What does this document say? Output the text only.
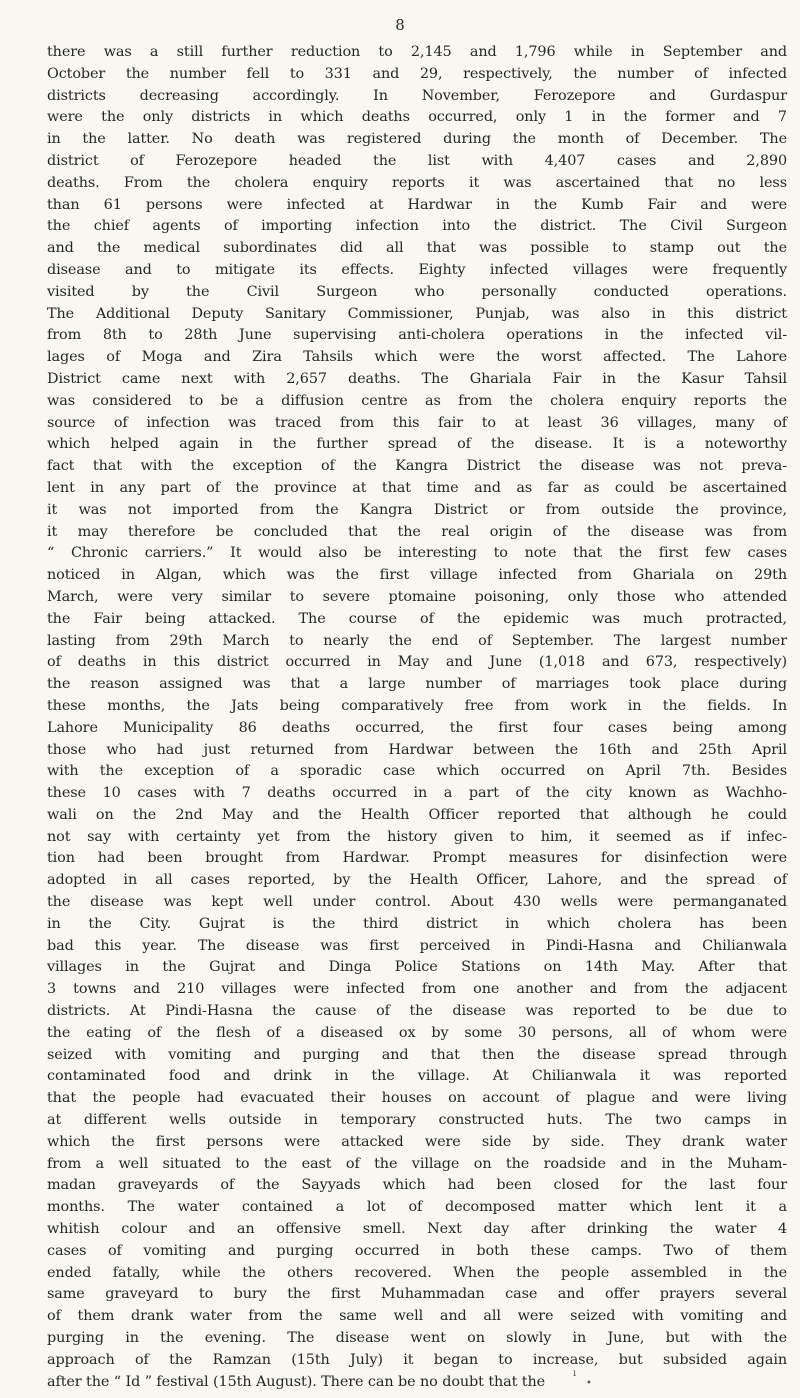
8
there was a still further reduction to 2,145 and 1,796 while in September and
October the number fell to 331 and 29, respectively, the number of infected
districts decreasing accordingly. In November, Ferozepore and Gurdaspur
were the only districts in which deaths occurred, only 1 in the former and 7
in the latter. No death was registered during the month of December. The
district of Ferozepore headed the list with 4,407 cases and 2,890
deaths. From the cholera enquiry reports it was ascertained that no less
than 61 persons were infected at Hardwar in the Kumb Fair and were
the chief agents of importing infection into the district. The Civil Surgeon
and the medical subordinates did all that was possible to stamp out the
disease and to mitigate its effects. Eighty infected villages were frequently
visited by the Civil Surgeon who personally conducted operations.
The Additional Deputy Sanitary Commissioner, Punjab, was also in this district
from 8th to 28th June supervising anti-cholera operations in the infected vil-
lages of Moga and Zira Tahsils which were the worst affected. The Lahore
District came next with 2,657 deaths. The Ghariala Fair in the Kasur Tahsil
was considered to be a diffusion centre as from the cholera enquiry reports the
source of infection was traced from this fair to at least 36 villages, many of
which helped again in the further spread of the disease. It is a noteworthy
fact that with the exception of the Kangra District the disease was not preva-
lent in any part of the province at that time and as far as could be ascertained
it was not imported from the Kangra District or from outside the province,
it may therefore be concluded that the real origin of the disease was from
“ Chronic carriers.” It would also be interesting to note that the first few cases
noticed in Algan, which was the first village infected from Ghariala on 29th
March, were very similar to severe ptomaine poisoning, only those who attended
the Fair being attacked. The course of the epidemic was much protracted,
lasting from 29th March to nearly the end of September. The largest number
of deaths in this district occurred in May and June (1,018 and 673, respectively)
the reason assigned was that a large number of marriages took place during
these months, the Jats being comparatively free from work in the fields. In
Lahore Municipality 86 deaths occurred, the first four cases being among
those who had just returned from Hardwar between the 16th and 25th April
with the exception of a sporadic case which occurred on April 7th. Besides
these 10 cases with 7 deaths occurred in a part of the city known as Wachho-
wali on the 2nd May and the Health Officer reported that although he could
not say with certainty yet from the history given to him, it seemed as if infec-
tion had been brought from Hardwar. Prompt measures for disinfection were
adopted in all cases reported, by the Health Officer, Lahore, and the spread of
the disease was kept well under control. About 430 wells were permanganated
in the City. Gujrat is the third district in which cholera has been
bad this year. The disease was first perceived in Pindi-Hasna and Chilianwala
villages in the Gujrat and Dinga Police Stations on 14th May. After that
3 towns and 210 villages were infected from one another and from the adjacent
districts. At Pindi-Hasna the cause of the disease was reported to be due to
the eating of the flesh of a diseased ox by some 30 persons, all of whom were
seized with vomiting and purging and that then the disease spread through
contaminated food and drink in the village. At Chilianwala it was reported
that the people had evacuated their houses on account of plague and were living
at different wells outside in temporary constructed huts. The two camps in
which the first persons were attacked were side by side. They drank water
from a well situated to the east of the village on the roadside and in the Muham-
madan graveyards of the Sayyads which had been closed for the last four
months. The water contained a lot of decomposed matter which lent it a
whitish colour and an offensive smell. Next day after drinking the water 4
cases of vomiting and purging occurred in both these camps. Two of them
ended fatally, while the others recovered. When the people assembled in the
same graveyard to bury the first Muhammadan case and offer prayers several
of them drank water from the same well and all were seized with vomiting and
purging in the evening. The disease went on slowly in June, but with the
approach of the Ramzan (15th July) it began to increase, but subsided again
after the “ Id ” festival (15th August). There can be no doubt that the	•
ı
